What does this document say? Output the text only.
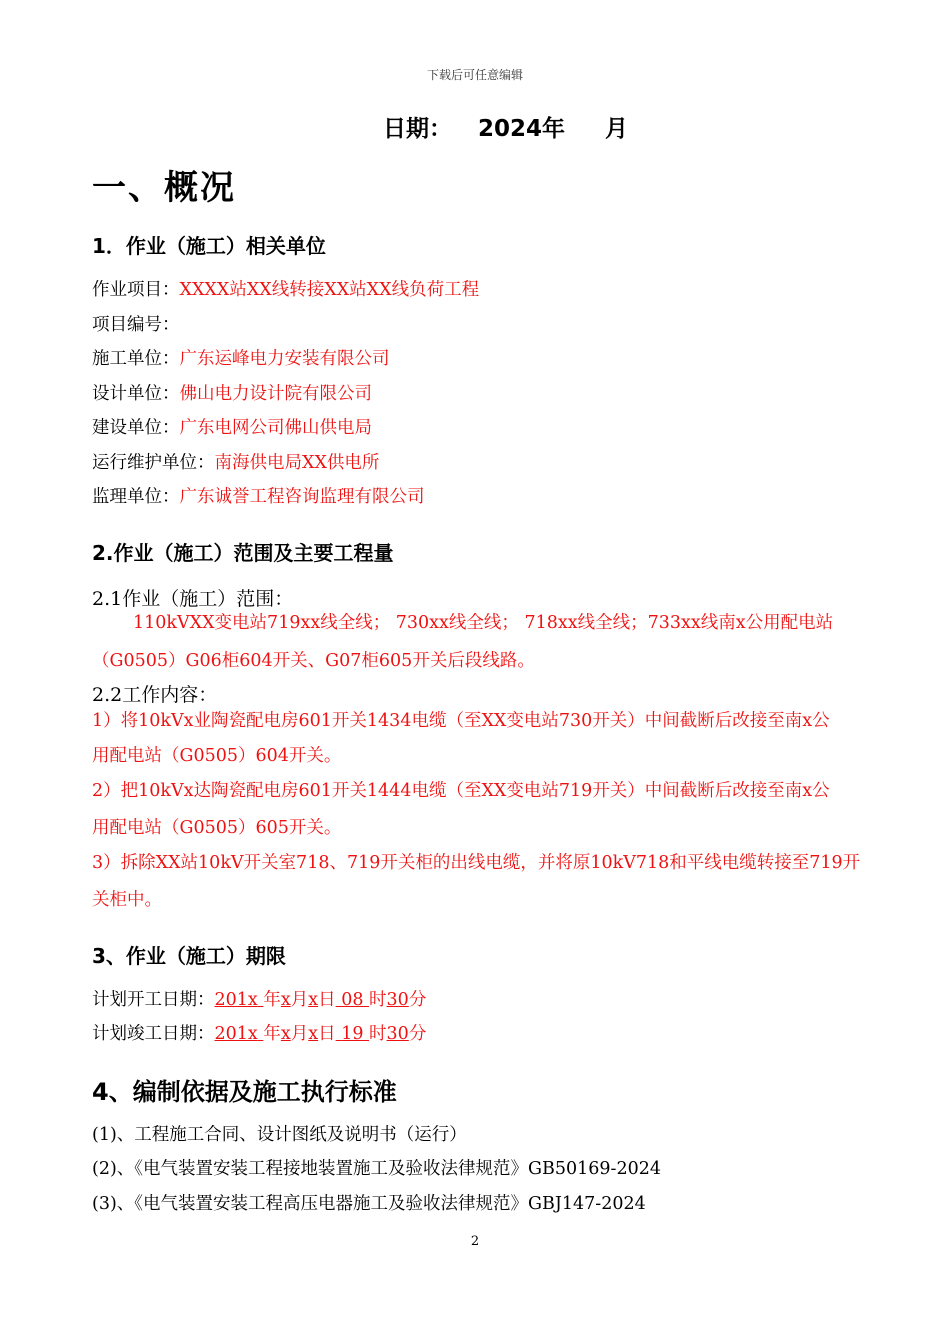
下载后可任意编辑
日期： 2024年 月
一、概况
1．作业（施工）相关单位
作业项目：XXXX站XX线转接XX站XX线负荷工程
项目编号：
施工单位：广东运峰电力安装有限公司
设计单位：佛山电力设计院有限公司
建设单位：广东电网公司佛山供电局
运行维护单位：南海供电局XX供电所
监理单位：广东诚誉工程咨询监理有限公司
2.作业（施工）范围及主要工程量
2.1作业（施工）范围：
110kVXX变电站719xx线全线； 730xx线全线； 718xx线全线；733xx线南x公用配电站
（G0505）G06柜604开关、G07柜605开关后段线路。
2.2工作内容：
1）将10kVx业陶瓷配电房601开关1434电缆（至XX变电站730开关）中间截断后改接至南x公
用配电站（G0505）604开关。
2）把10kVx达陶瓷配电房601开关1444电缆（至XX变电站719开关）中间截断后改接至南x公
用配电站（G0505）605开关。
3）拆除XX站10kV开关室718、719开关柜的出线电缆，并将原10kV718和平线电缆转接至719开
关柜中。
3、作业（施工）期限
计划开工日期：201x 年x月x日 08 时30分
计划竣工日期：201x 年x月x日 19 时30分
4、编制依据及施工执行标准
(1)、工程施工合同、设计图纸及说明书（运行）
(2)、《电气装置安装工程接地装置施工及验收法律规范》GB50169-2024
(3)、《电气装置安装工程高压电器施工及验收法律规范》GBJ147-2024
2
